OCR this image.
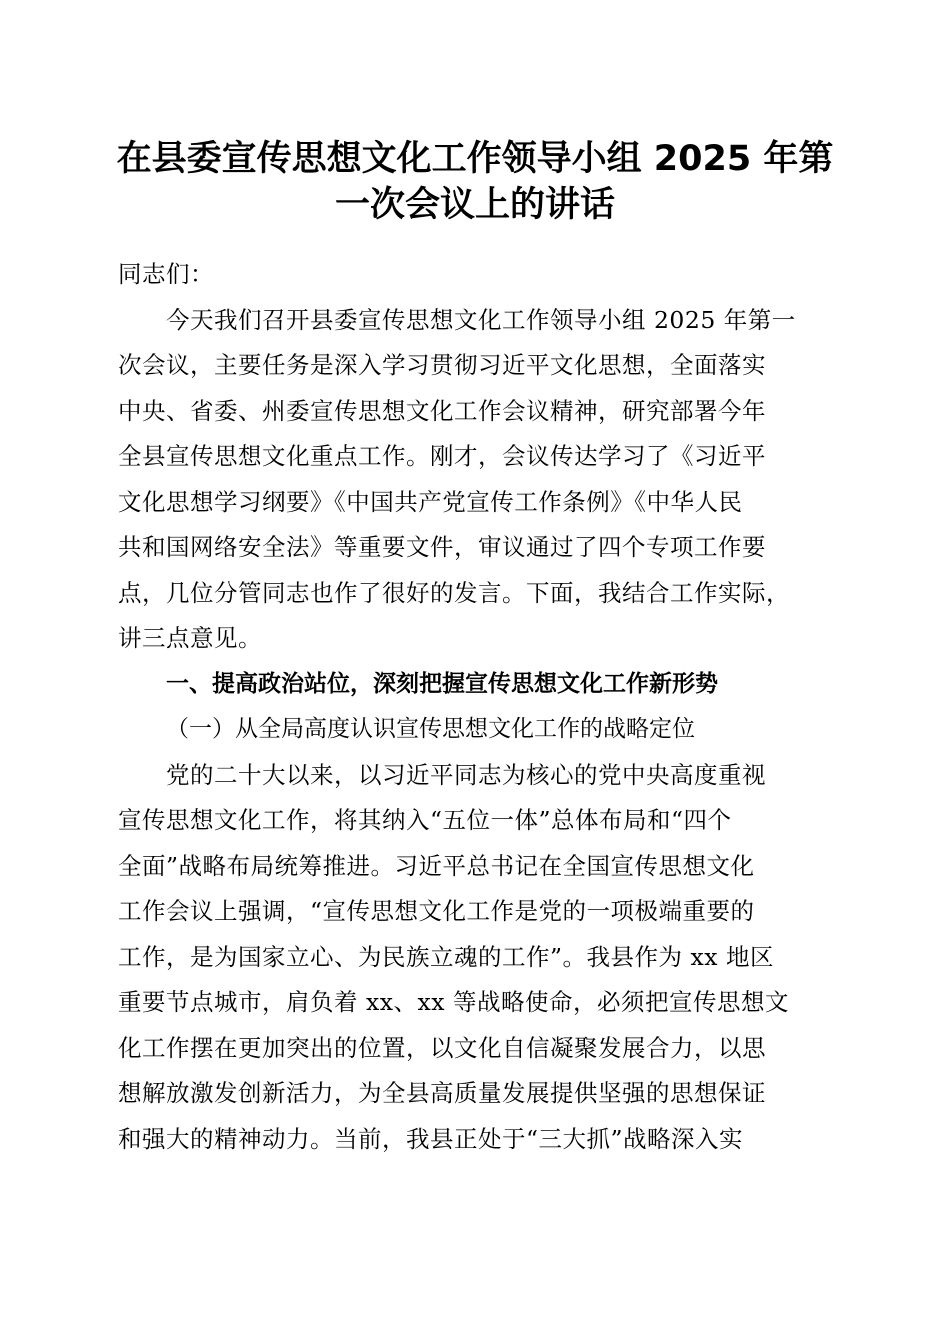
在县委宣传思想文化工作领导小组 2025 年第
一次会议上的讲话
同志们：
今天我们召开县委宣传思想文化工作领导小组 2025 年第一
次会议，主要任务是深入学习贯彻习近平文化思想，全面落实
中央、省委、州委宣传思想文化工作会议精神，研究部署今年
全县宣传思想文化重点工作。刚才，会议传达学习了《习近平
文化思想学习纲要》《中国共产党宣传工作条例》《中华人民
共和国网络安全法》等重要文件，审议通过了四个专项工作要
点，几位分管同志也作了很好的发言。下面，我结合工作实际，
讲三点意见。
一、提高政治站位，深刻把握宣传思想文化工作新形势
（一）从全局高度认识宣传思想文化工作的战略定位
党的二十大以来，以习近平同志为核心的党中央高度重视
宣传思想文化工作，将其纳入“五位一体”总体布局和“四个
全面”战略布局统筹推进。习近平总书记在全国宣传思想文化
工作会议上强调，“宣传思想文化工作是党的一项极端重要的
工作，是为国家立心、为民族立魂的工作”。我县作为 xx 地区
重要节点城市，肩负着 xx、xx 等战略使命，必须把宣传思想文
化工作摆在更加突出的位置，以文化自信凝聚发展合力，以思
想解放激发创新活力，为全县高质量发展提供坚强的思想保证
和强大的精神动力。当前，我县正处于“三大抓”战略深入实
